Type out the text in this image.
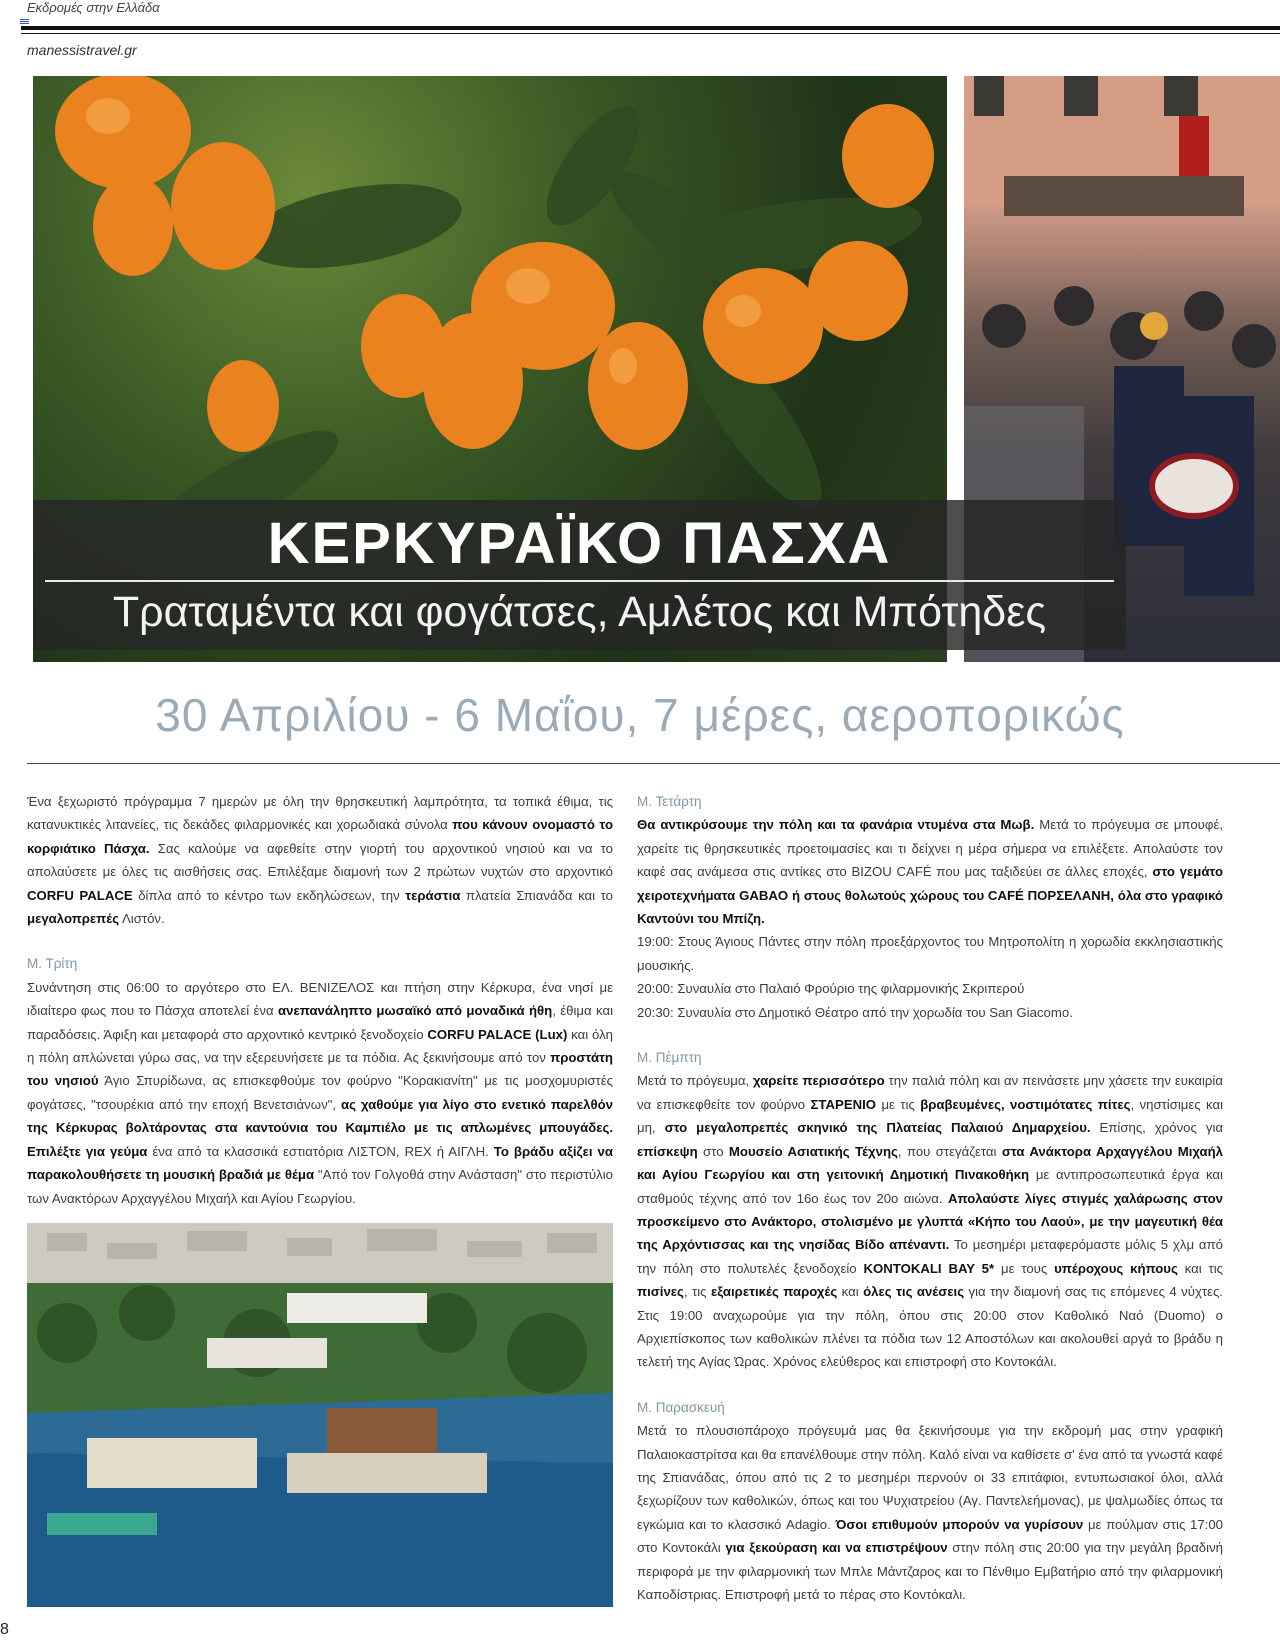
Εκδρομές στην Ελλάδα
manessistravel.gr
ΚΕΡΚΥΡΑΪΚΟ ΠΑΣΧΑ
Τραταμέντα και φογάτσες, Αμλέτος και Μπότηδες
30 Απριλίου - 6 Μαΐου, 7 μέρες, αεροπορικώς

Ένα ξεχωριστό πρόγραμμα 7 ημερών με όλη την θρησκευτική λαμπρότητα, τα τοπικά έθιμα, τις κατανυκτικές λιτανείες, τις δεκάδες φιλαρμονικές και χορωδιακά σύνολα που κάνουν ονομαστό το κορφιάτικο Πάσχα. Σας καλούμε να αφεθείτε στην γιορτή του αρχοντικού νησιού και να το απολαύσετε με όλες τις αισθήσεις σας. Επιλέξαμε διαμονή των 2 πρώτων νυχτών στο αρχοντικό CORFU PALACE δίπλα από το κέντρο των εκδηλώσεων, την τεράστια πλατεία Σπιανάδα και το μεγαλοπρεπές Λιστόν.

Μ. Τρίτη

Συνάντηση στις 06:00 το αργότερο στο ΕΛ. ΒΕΝΙΖΕΛΟΣ και πτήση στην Κέρκυρα, ένα νησί με ιδιαίτερο φως που το Πάσχα αποτελεί ένα ανεπανάληπτο μωσαϊκό από μοναδικά ήθη, έθιμα και παραδόσεις. Άφιξη και μεταφορά στο αρχοντικό κεντρικό ξενοδοχείο CORFU PALACE (Lux) και όλη η πόλη απλώνεται γύρω σας, να την εξερευνήσετε με τα πόδια. Ας ξεκινήσουμε από τον προστάτη του νησιού Άγιο Σπυρίδωνα, ας επισκεφθούμε τον φούρνο "Κορακιανίτη" με τις μοσχομυριστές φογάτσες, "τσουρέκια από την εποχή Βενετσιάνων", ας χαθούμε για λίγο στο ενετικό παρελθόν της Κέρκυρας βολτάροντας στα καντούνια του Καμπιέλο με τις απλωμένες μπουγάδες. Επιλέξτε για γεύμα ένα από τα κλασσικά εστιατόρια ΛΙΣΤΟΝ, REX ή ΑΙΓΛΗ. Το βράδυ αξίζει να παρακολουθήσετε τη μουσική βραδιά με θέμα "Από τον Γολγοθά στην Ανάσταση" στο περιστύλιο των Ανακτόρων Αρχαγγέλου Μιχαήλ και Αγίου Γεωργίου.

Μ. Τετάρτη

Θα αντικρύσουμε την πόλη και τα φανάρια ντυμένα στα Μωβ. Μετά το πρόγευμα σε μπουφέ, χαρείτε τις θρησκευτικές προετοιμασίες και τι δείχνει η μέρα σήμερα να επιλέξετε. Απολαύστε τον καφέ σας ανάμεσα στις αντίκες στο BIZOU CAFÉ που μας ταξιδεύει σε άλλες εποχές, στο γεμάτο χειροτεχνήματα GABAO ή στους θολωτούς χώρους του CAFÉ ΠΟΡΣΕΛΑΝΗ, όλα στο γραφικό Καντούνι του Μπίζη.

19:00: Στους Άγιους Πάντες στην πόλη προεξάρχοντος του Μητροπολίτη η χορωδία εκκλησιαστικής μουσικής.

20:00: Συναυλία στο Παλαιό Φρούριο της φιλαρμονικής Σκριπερού

20:30: Συναυλία στο Δημοτικό Θέατρο από την χορωδία του San Giacomo.

Μ. Πέμπτη

Μετά το πρόγευμα, χαρείτε περισσότερο την παλιά πόλη και αν πεινάσετε μην χάσετε την ευκαιρία να επισκεφθείτε τον φούρνο ΣΤΑΡΕΝΙΟ με τις βραβευμένες, νοστιμότατες πίτες, νηστίσιμες και μη, στο μεγαλοπρεπές σκηνικό της Πλατείας Παλαιού Δημαρχείου. Επίσης, χρόνος για επίσκεψη στο Μουσείο Ασιατικής Τέχνης, που στεγάζεται στα Ανάκτορα Αρχαγγέλου Μιχαήλ και Αγίου Γεωργίου και στη γειτονική Δημοτική Πινακοθήκη με αντιπροσωπευτικά έργα και σταθμούς τέχνης από τον 16ο έως τον 20ο αιώνα. Απολαύστε λίγες στιγμές χαλάρωσης στον προσκείμενο στο Ανάκτορο, στολισμένο με γλυπτά «Κήπο του Λαού», με την μαγευτική θέα της Αρχόντισσας και της νησίδας Βίδο απέναντι. Το μεσημέρι μεταφερόμαστε μόλις 5 χλμ από την πόλη στο πολυτελές ξενοδοχείο KONTOKALI BAY 5* με τους υπέροχους κήπους και τις πισίνες, τις εξαιρετικές παροχές και όλες τις ανέσεις για την διαμονή σας τις επόμενες 4 νύχτες. Στις 19:00 αναχωρούμε για την πόλη, όπου στις 20:00 στον Καθολικό Ναό (Duomo) ο Αρχιεπίσκοπος των καθολικών πλένει τα πόδια των 12 Αποστόλων και ακολουθεί αργά το βράδυ η τελετή της Αγίας Ώρας. Χρόνος ελεύθερος και επιστροφή στο Κοντοκάλι.

Μ. Παρασκευή

Μετά το πλουσιοπάροχο πρόγευμά μας θα ξεκινήσουμε για την εκδρομή μας στην γραφική Παλαιοκαστρίτσα και θα επανέλθουμε στην πόλη. Καλό είναι να καθίσετε σ' ένα από τα γνωστά καφέ της Σπιανάδας, όπου από τις 2 το μεσημέρι περνούν οι 33 επιτάφιοι, εντυπωσιακοί όλοι, αλλά ξεχωρίζουν των καθολικών, όπως και του Ψυχιατρείου (Αγ. Παντελεήμονας), με ψαλμωδίες όπως τα εγκώμια και το κλασσικό Adagio. Όσοι επιθυμούν μπορούν να γυρίσουν με πούλμαν στις 17:00 στο Κοντοκάλι για ξεκούραση και να επιστρέψουν στην πόλη στις 20:00 για την μεγάλη βραδινή περιφορά με την φιλαρμονική των Μπλε Μάντζαρος και το Πένθιμο Εμβατήριο από την φιλαρμονική Καποδίστριας. Επιστροφή μετά το πέρας στο Κοντόκαλι.

8
